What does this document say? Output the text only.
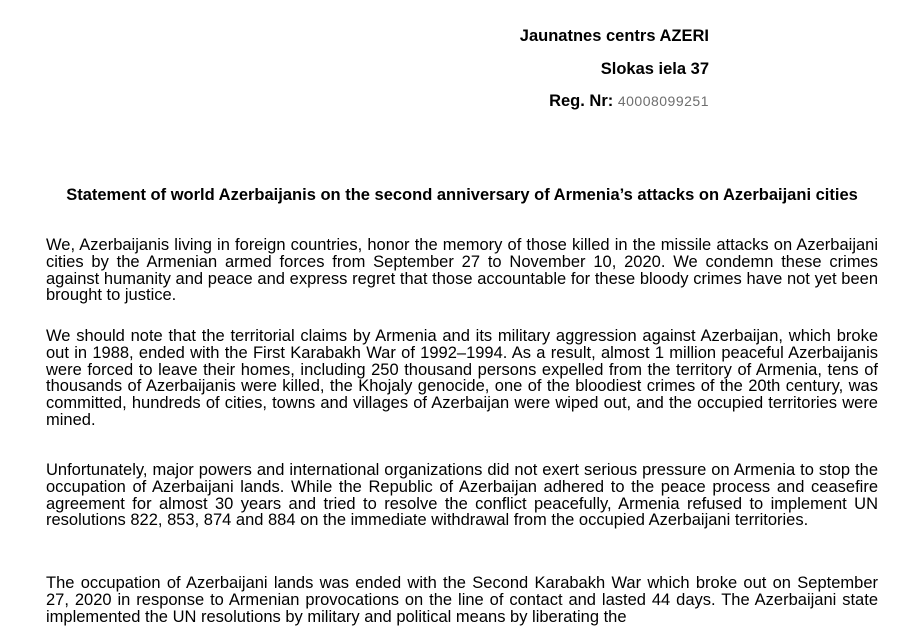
Jaunatnes centrs AZERI
Slokas iela 37
Reg. Nr: 40008099251
Statement of world Azerbaijanis on the second anniversary of Armenia’s attacks on Azerbaijani cities

We, Azerbaijanis living in foreign countries, honor the memory of those killed in the missile attacks on Azerbaijani cities by the Armenian armed forces from September 27 to November 10, 2020. We condemn these crimes against humanity and peace and express regret that those accountable for these bloody crimes have not yet been brought to justice.

We should note that the territorial claims by Armenia and its military aggression against Azerbaijan, which broke out in 1988, ended with the First Karabakh War of 1992–1994. As a result, almost 1 million peaceful Azerbaijanis were forced to leave their homes, including 250 thousand persons expelled from the territory of Armenia, tens of thousands of Azerbaijanis were killed, the Khojaly genocide, one of the bloodiest crimes of the 20th century, was committed, hundreds of cities, towns and villages of Azerbaijan were wiped out, and the occupied territories were mined.

Unfortunately, major powers and international organizations did not exert serious pressure on Armenia to stop the occupation of Azerbaijani lands. While the Republic of Azerbaijan adhered to the peace process and ceasefire agreement for almost 30 years and tried to resolve the conflict peacefully, Armenia refused to implement UN resolutions 822, 853, 874 and 884 on the immediate withdrawal from the occupied Azerbaijani territories.

The occupation of Azerbaijani lands was ended with the Second Karabakh War which broke out on September 27, 2020 in response to Armenian provocations on the line of contact and lasted 44 days. The Azerbaijani state implemented the UN resolutions by military and political means by liberating the
